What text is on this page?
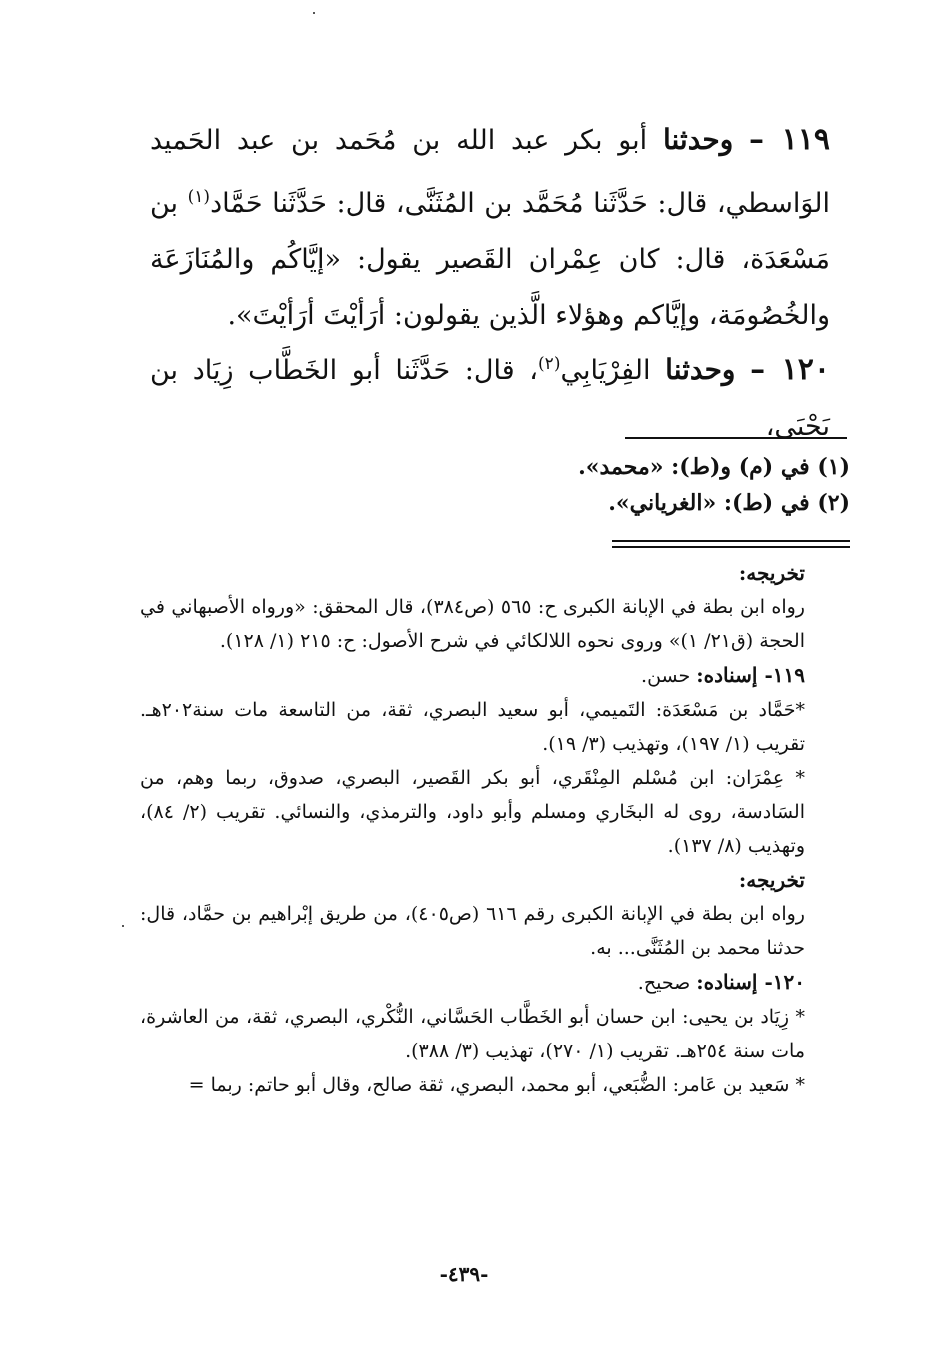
١١٩ – وحدثنا أبو بكر عبد الله بن مُحَمد بن عبد الحَميد الوَاسطي، قال: حَدَّثَنا مُحَمَّد بن المُثَنَّى، قال: حَدَّثَنا حَمَّاد$^{(١)}$ بن مَسْعَدَة، قال: كان عِمْران القَصير يقول: «إيَّاكُم والمُنَازَعَة والخُصُومَة، وإيَّاكم وهؤلاء الَّذين يقولون: أرَأيْتَ أرَأيْتَ».

١٢٠ – وحدثنا الفِرْيَابِي$^{(٢)}$، قال: حَدَّثَنا أبو الخَطَّاب زِيَاد بن يَحْيَى،

(١) في (م) و(ط): «محمد».

(٢) في (ط): «الغرياني».

تخريجه:

رواه ابن بطة في الإبانة الكبرى ح: ٥٦٥ (ص٣٨٤)، قال المحقق: «ورواه الأصبهاني في الحجة (ق٢١/ ١)» وروى نحوه اللالكائي في شرح الأصول: ح: ٢١٥ (١/ ١٢٨).

١١٩- إسناده: حسن.

*حَمَّاد بن مَسْعَدَة: التَميمي، أبو سعيد البصري، ثقة، من التاسعة مات سنة٢٠٢هـ. تقريب (١/ ١٩٧)، وتهذيب (٣/ ١٩).

* عِمْرَان: ابن مُسْلم المِنْقَري، أبو بكر القَصير، البصري، صدوق، ربما وهم، من السَادسة، روى له البخَاري ومسلم وأبو داود، والترمذي، والنسائي. تقريب (٢/ ٨٤)، وتهذيب (٨/ ١٣٧).

تخريجه:

رواه ابن بطة في الإبانة الكبرى رقم ٦١٦ (ص٤٠٥)، من طريق إبْراهيم بن حمَّاد، قال: حدثنا محمد بن المُثَنَّى... به.

١٢٠- إسناده: صحيح.

* زِيَاد بن يحيى: ابن حسان أبو الخَطَّاب الحَسَّاني، النُّكْري، البصري، ثقة، من العاشرة، مات سنة ٢٥٤هـ. تقريب (١/ ٢٧٠)، تهذيب (٣/ ٣٨٨).

* سَعيد بن عَامر: الضُّبَعي، أبو محمد، البصري، ثقة صالح، وقال أبو حاتم: ربما =

-٤٣٩-
